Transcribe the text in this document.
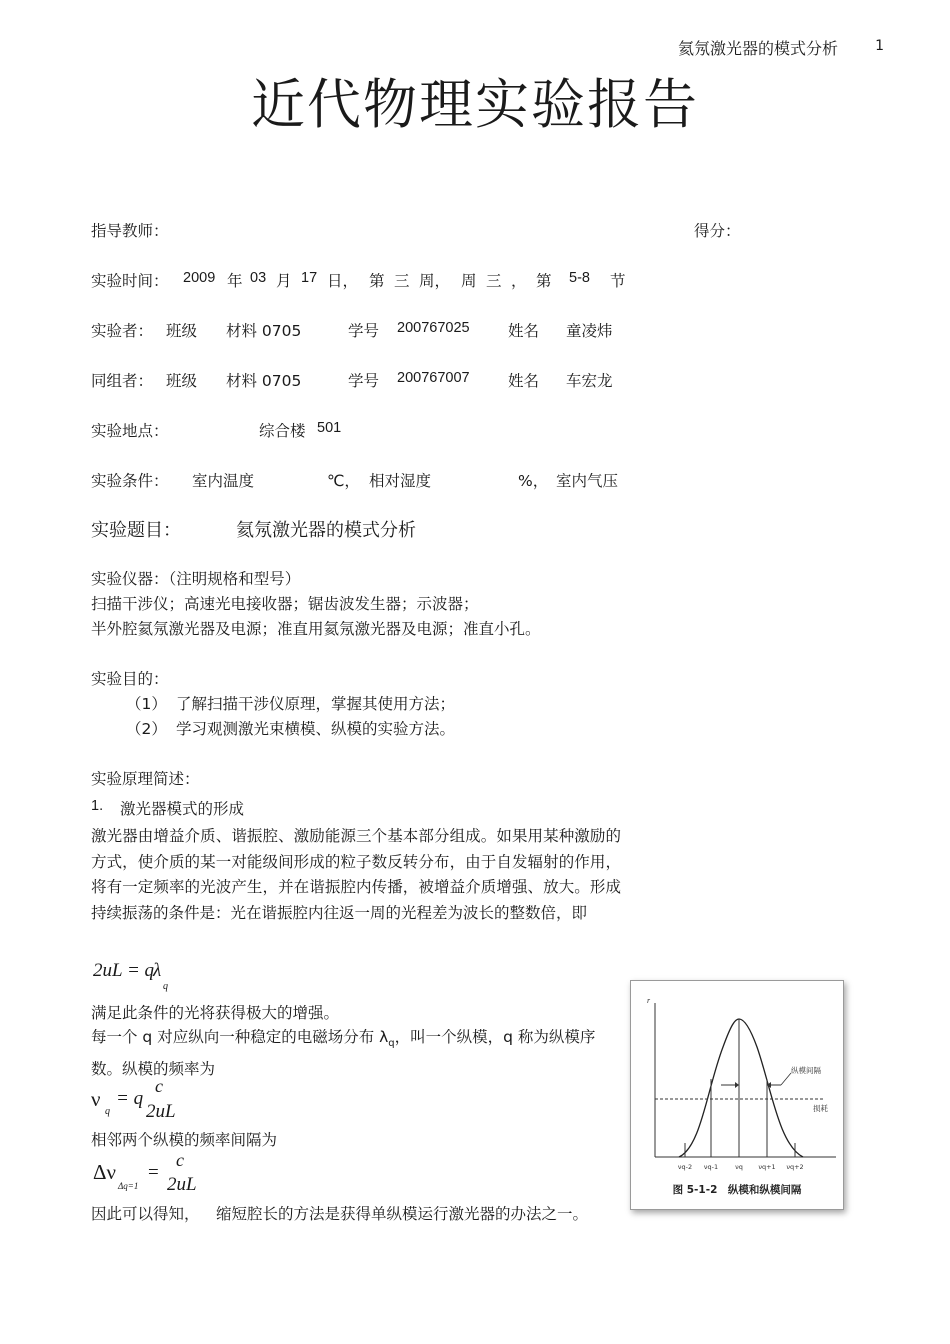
氦氖激光器的模式分析	1
近代物理实验报告
指导教师：	得分：
实验时间： 2009 年 03 月 17 日， 第 三 周， 周 三 ， 第 5-8 节
实验者： 班级 材料 0705	学号 200767025 姓名 童凌炜
同组者： 班级 材料 0705	学号 200767007 姓名 车宏龙
实验地点：	综合楼 501
实验条件： 室内温度	℃， 相对湿度	%， 室内气压
实验题目：	氦氖激光器的模式分析
实验仪器：（注明规格和型号）
扫描干涉仪；高速光电接收器；锯齿波发生器；示波器；
半外腔氦氖激光器及电源；准直用氦氖激光器及电源；准直小孔。
实验目的：
（1） 了解扫描干涉仪原理，掌握其使用方法；
（2） 学习观测激光束横模、纵模的实验方法。
实验原理简述：
1. 激光器模式的形成
激光器由增益介质、谐振腔、激励能源三个基本部分组成。如果用某种激励的方式，使介质的某一对能级间形成的粒子数反转分布，由于自发辐射的作用，将有一定频率的光波产生，并在谐振腔内传播，被增益介质增强、放大。形成持续振荡的条件是：光在谐振腔内往返一周的光程差为波长的整数倍，即
2uL = q
λ
q
满足此条件的光将获得极大的增强。
每一个 q 对应纵向一种稳定的电磁场分布 $\lambda_q$，叫一个纵模，q 称为纵模序数。纵模的频率为
ν
q
= q
c
2uL
相邻两个纵模的频率间隔为
Δν
Δq=1
=
c
2uL
因此可以得知， 缩短腔长的方法是获得单纵模运行激光器的办法之一。
r
纵模间隔
损耗
νq-2 νq-1	νq νq+1 νq+2
图 5-1-2　纵模和纵模间隔
